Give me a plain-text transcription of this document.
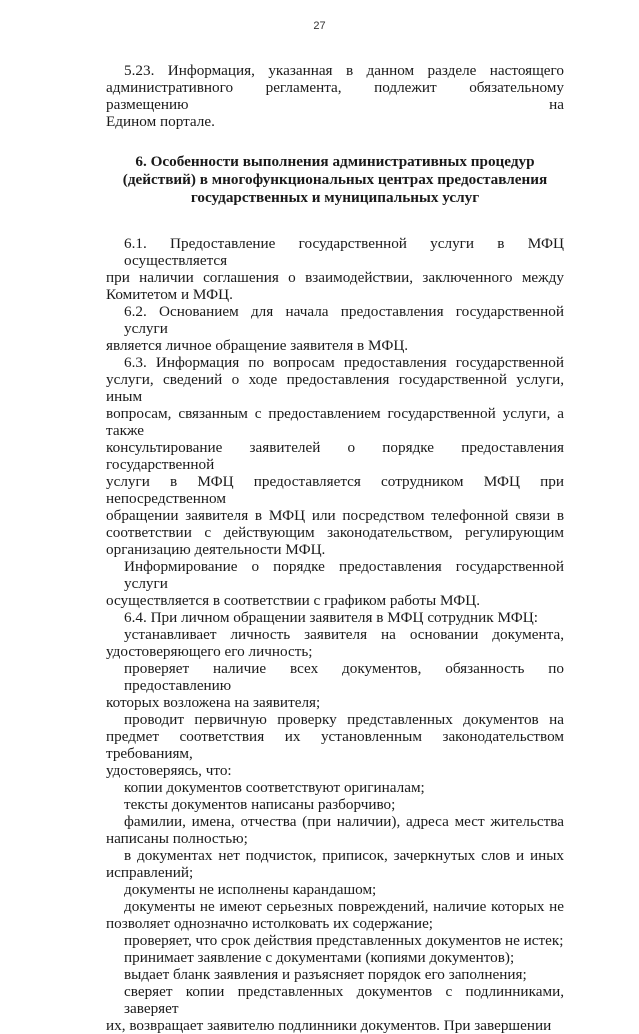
27
5.23. Информация, указанная в данном разделе настоящего
административного регламента, подлежит обязательному размещению на
Едином портале.
6. Особенности выполнения административных процедур
(действий) в многофункциональных центрах предоставления
государственных и муниципальных услуг
6.1. Предоставление государственной услуги в МФЦ осуществляется
при наличии соглашения о взаимодействии, заключенного между
Комитетом и МФЦ.
6.2. Основанием для начала предоставления государственной услуги
является личное обращение заявителя в МФЦ.
6.3. Информация по вопросам предоставления государственной
услуги, сведений о ходе предоставления государственной услуги, иным
вопросам, связанным с предоставлением государственной услуги, а также
консультирование заявителей о порядке предоставления государственной
услуги в МФЦ предоставляется сотрудником МФЦ при непосредственном
обращении заявителя в МФЦ или посредством телефонной связи в
соответствии с действующим законодательством, регулирующим
организацию деятельности МФЦ.
Информирование о порядке предоставления государственной услуги
осуществляется в соответствии с графиком работы МФЦ.
6.4. При личном обращении заявителя в МФЦ сотрудник МФЦ:
устанавливает личность заявителя на основании документа,
удостоверяющего его личность;
проверяет наличие всех документов, обязанность по предоставлению
которых возложена на заявителя;
проводит первичную проверку представленных документов на
предмет соответствия их установленным законодательством требованиям,
удостоверяясь, что:
копии документов соответствуют оригиналам;
тексты документов написаны разборчиво;
фамилии, имена, отчества (при наличии), адреса мест жительства
написаны полностью;
в документах нет подчисток, приписок, зачеркнутых слов и иных
исправлений;
документы не исполнены карандашом;
документы не имеют серьезных повреждений, наличие которых не
позволяет однозначно истолковать их содержание;
проверяет, что срок действия представленных документов не истек;
принимает заявление с документами (копиями документов);
выдает бланк заявления и разъясняет порядок его заполнения;
сверяет копии представленных документов с подлинниками, заверяет
их, возвращает заявителю подлинники документов. При завершении
